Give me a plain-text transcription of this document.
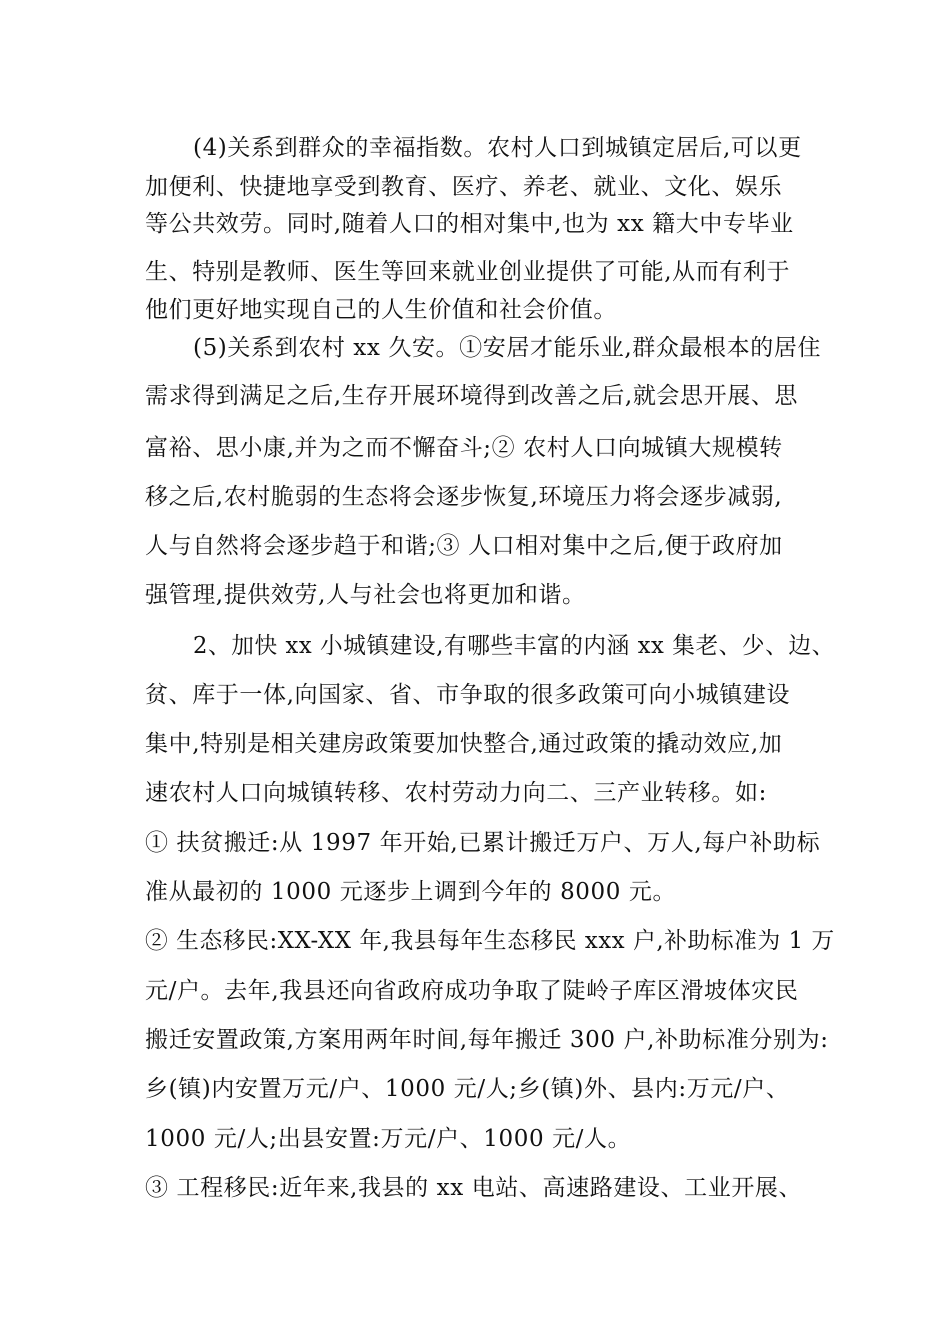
(4)关系到群众的幸福指数。农村人口到城镇定居后,可以更
加便利、快捷地享受到教育、医疗、养老、就业、文化、娱乐
等公共效劳。同时,随着人口的相对集中,也为 xx 籍大中专毕业
生、特别是教师、医生等回来就业创业提供了可能,从而有利于
他们更好地实现自己的人生价值和社会价值。
(5)关系到农村 xx 久安。①安居才能乐业,群众最根本的居住
需求得到满足之后,生存开展环境得到改善之后,就会思开展、思
富裕、思小康,并为之而不懈奋斗;② 农村人口向城镇大规模转
移之后,农村脆弱的生态将会逐步恢复,环境压力将会逐步减弱,
人与自然将会逐步趋于和谐;③ 人口相对集中之后,便于政府加
强管理,提供效劳,人与社会也将更加和谐。
2、加快 xx 小城镇建设,有哪些丰富的内涵 xx 集老、少、边、
贫、库于一体,向国家、省、市争取的很多政策可向小城镇建设
集中,特别是相关建房政策要加快整合,通过政策的撬动效应,加
速农村人口向城镇转移、农村劳动力向二、三产业转移。如:
① 扶贫搬迁:从 1997 年开始,已累计搬迁万户、万人,每户补助标
准从最初的 1000 元逐步上调到今年的 8000 元。
② 生态移民:XX-XX 年,我县每年生态移民 xxx 户,补助标准为 1 万
元/户。去年,我县还向省政府成功争取了陡岭子库区滑坡体灾民
搬迁安置政策,方案用两年时间,每年搬迁 300 户,补助标准分别为:
乡(镇)内安置万元/户、1000 元/人;乡(镇)外、县内:万元/户、
1000 元/人;出县安置:万元/户、1000 元/人。
③ 工程移民:近年来,我县的 xx 电站、高速路建设、工业开展、
